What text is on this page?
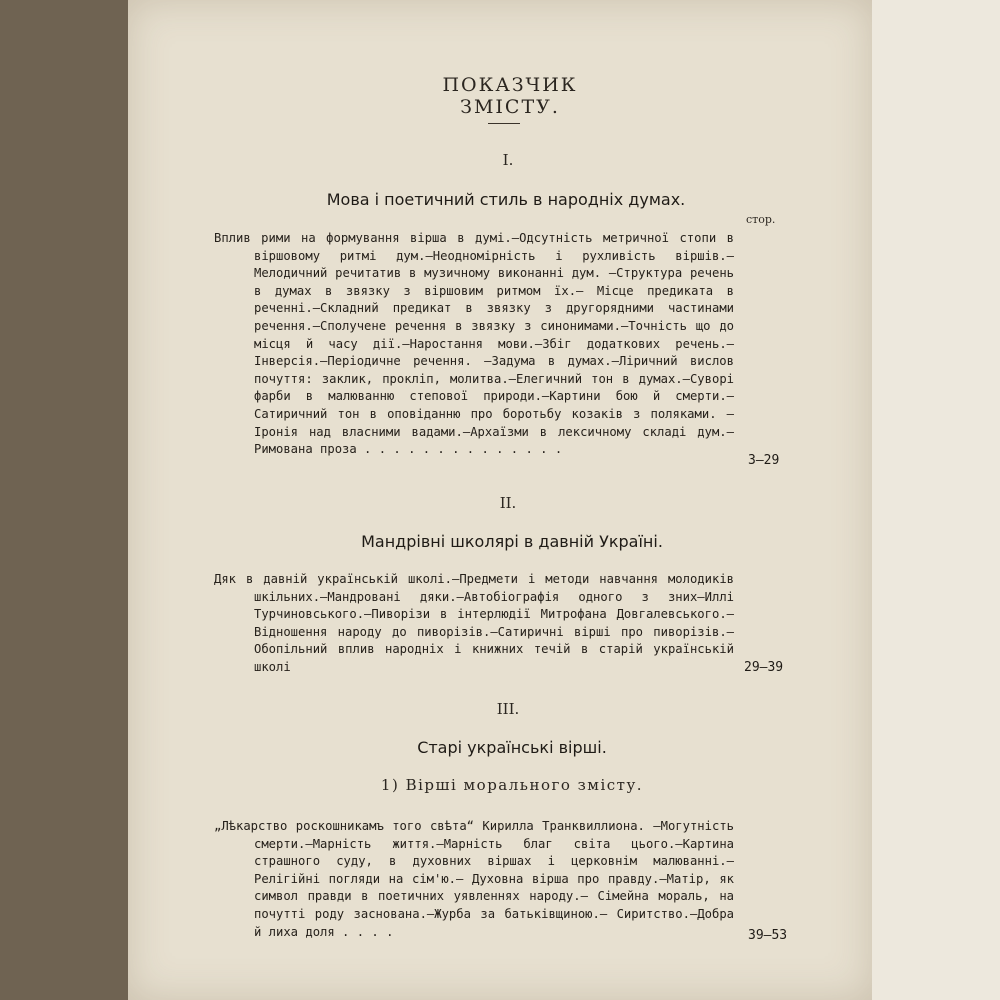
ПОКАЗЧИК ЗМІСТУ.
I.
Мова і поетичний стиль в народніх думах.
стор.

Вплив рими на формування вірша в думі.—Одсутність метричної стопи в віршовому ритмі дум.—Неодномірність і рухливість віршів.—Мелодичний речитатив в музичному виконанні дум. —Структура речень в думах в звязку з віршовим ритмом їх.— Місце предиката в реченні.—Складний предикат в звязку з другорядними частинами речення.—Сполучене речення в звязку з синонимами.—Точність що до місця й часу дії.—Наростання мови.—Збіг додаткових речень.—Інверсія.—Періодичне речення. —Задума в думах.—Ліричний вислов почуття: заклик, прокліп, молитва.—Елегичний тон в думах.—Суворі фарби в малюванню степової природи.—Картини бою й смерти.—Сатиричний тон в оповіданню про боротьбу козаків з поляками. —Іронія над власними вадами.—Архаїзми в лексичному складі дум.—Римована проза . . . . . . . . . . . . . .

3—29
II.
Мандрівні школярі в давній Україні.

Дяк в давній українській школі.—Предмети і методи навчання молодиків шкільних.—Мандровані дяки.—Автобіографія одного з зних—Иллі Турчиновського.—Пиворізи в інтерлюдії Митрофана Довгалевського.—Відношення народу до пиворізів.—Сатиричні вірші про пиворізів.—Обопільний вплив народніх і книжних течій в старій українській школі	29—39
III.
Старі українські вірші.
1) Вірші морального змісту.

„Лѣкарство роскошникамъ того свѣта“ Кирилла Транквиллиона. —Могутність смерти.—Марність життя.—Марність благ світа цього.—Картина страшного суду, в духовних віршах і церковнім малюванні.—Релігійні погляди на сім'ю.— Духовна вірша про правду.—Матір, як символ правди в поетичних уявленнях народу.— Сімейна мораль, на почутті роду заснована.—Журба за батьківщиною.— Сиритство.—Добра й лиха доля . . . .	39—53
